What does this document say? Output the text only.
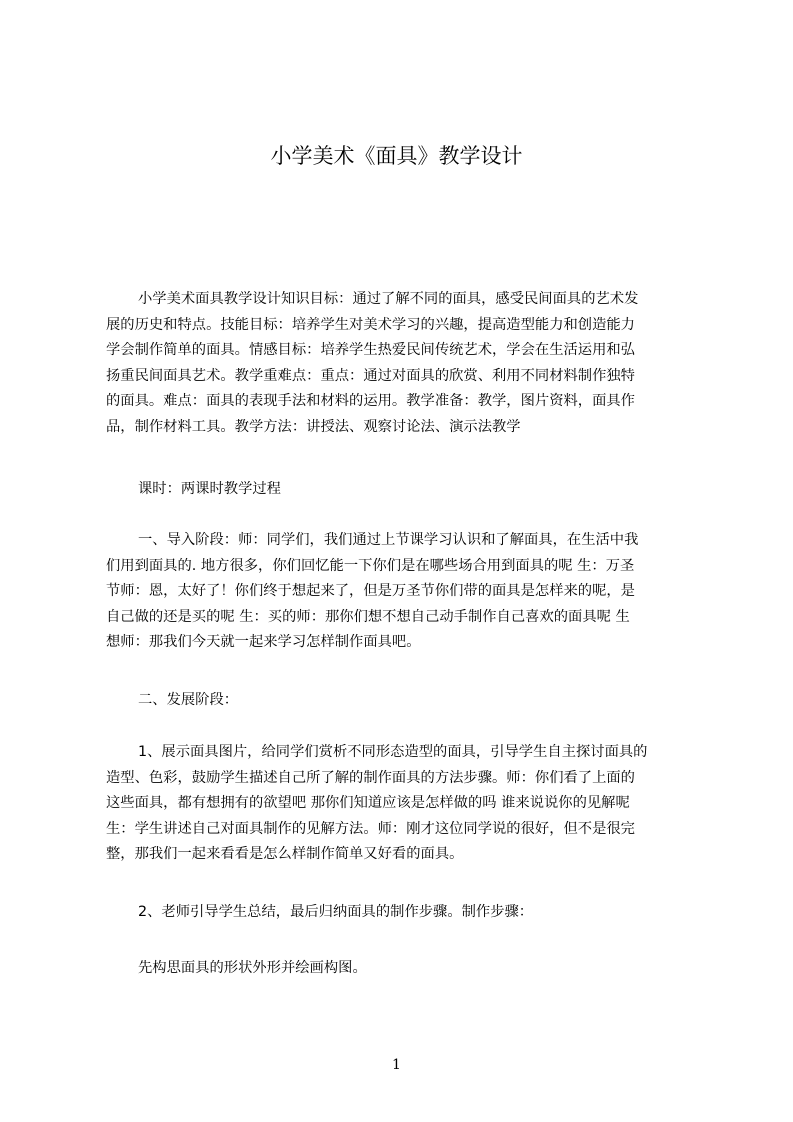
小学美术《面具》教学设计
小学美术面具教学设计知识目标：通过了解不同的面具，感受民间面具的艺术发
展的历史和特点。技能目标：培养学生对美术学习的兴趣，提高造型能力和创造能力
学会制作简单的面具。情感目标：培养学生热爱民间传统艺术，学会在生活运用和弘
扬重民间面具艺术。教学重难点：重点：通过对面具的欣赏、利用不同材料制作独特
的面具。难点：面具的表现手法和材料的运用。教学准备：教学，图片资料，面具作
品，制作材料工具。教学方法：讲授法、观察讨论法、演示法教学
课时：两课时教学过程
一、导入阶段：师：同学们，我们通过上节课学习认识和了解面具，在生活中我
们用到面具的. 地方很多，你们回忆能一下你们是在哪些场合用到面具的呢 生：万圣
节师：恩，太好了！你们终于想起来了，但是万圣节你们带的面具是怎样来的呢，是
自己做的还是买的呢 生：买的师：那你们想不想自己动手制作自己喜欢的面具呢 生
想师：那我们今天就一起来学习怎样制作面具吧。
二、发展阶段：
1、展示面具图片，给同学们赏析不同形态造型的面具，引导学生自主探讨面具的
造型、色彩，鼓励学生描述自己所了解的制作面具的方法步骤。师：你们看了上面的
这些面具，都有想拥有的欲望吧 那你们知道应该是怎样做的吗 谁来说说你的见解呢
生：学生讲述自己对面具制作的见解方法。师：刚才这位同学说的很好，但不是很完
整，那我们一起来看看是怎么样制作简单又好看的面具。
2、老师引导学生总结，最后归纳面具的制作步骤。制作步骤：
先构思面具的形状外形并绘画构图。
1
